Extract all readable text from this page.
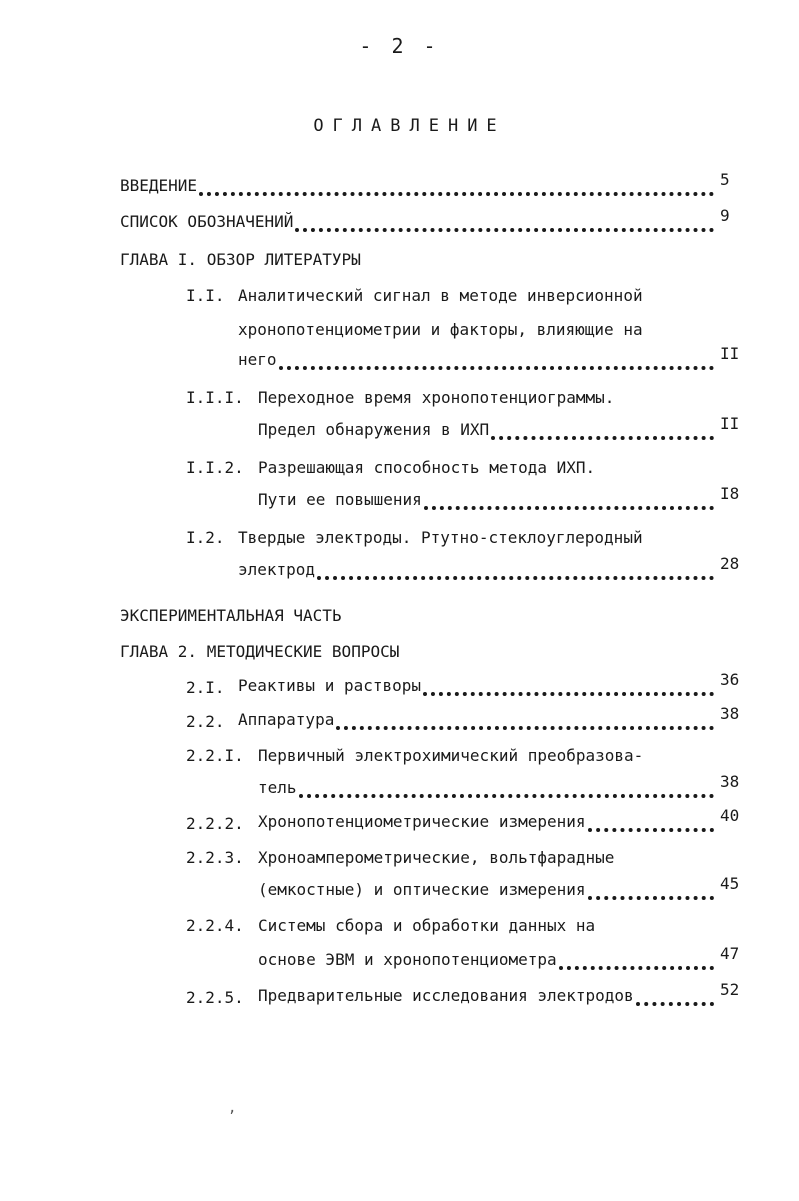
- 2 -
ОГЛАВЛЕНИЕ
ВВЕДЕНИЕ	5
СПИСОК ОБОЗНАЧЕНИЙ	9
ГЛАВА I. ОБЗОР ЛИТЕРАТУРЫ
I.I. Аналитический сигнал в методе инверсионной
хронопотенциометрии и факторы, влияющие на
него	II
I.I.I. Переходное время хронопотенциограммы.
Предел обнаружения в ИХП	II
I.I.2. Разрешающая способность метода ИХП.
Пути ее повышения	I8
I.2. Твердые электроды. Ртутно-стеклоуглеродный
электрод	28
ЭКСПЕРИМЕНТАЛЬНАЯ ЧАСТЬ
ГЛАВА 2. МЕТОДИЧЕСКИЕ ВОПРОСЫ
2.I. Реактивы и растворы	36
2.2. Аппаратура	38
2.2.I. Первичный электрохимический преобразова-
тель	38
2.2.2. Хронопотенциометрические измерения	40
2.2.3. Хроноамперометрические, вольтфарадные
(емкостные) и оптические измерения	45
2.2.4. Системы сбора и обработки данных на
основе ЭВМ и хронопотенциометра	47
2.2.5. Предварительные исследования электродов	52
,
